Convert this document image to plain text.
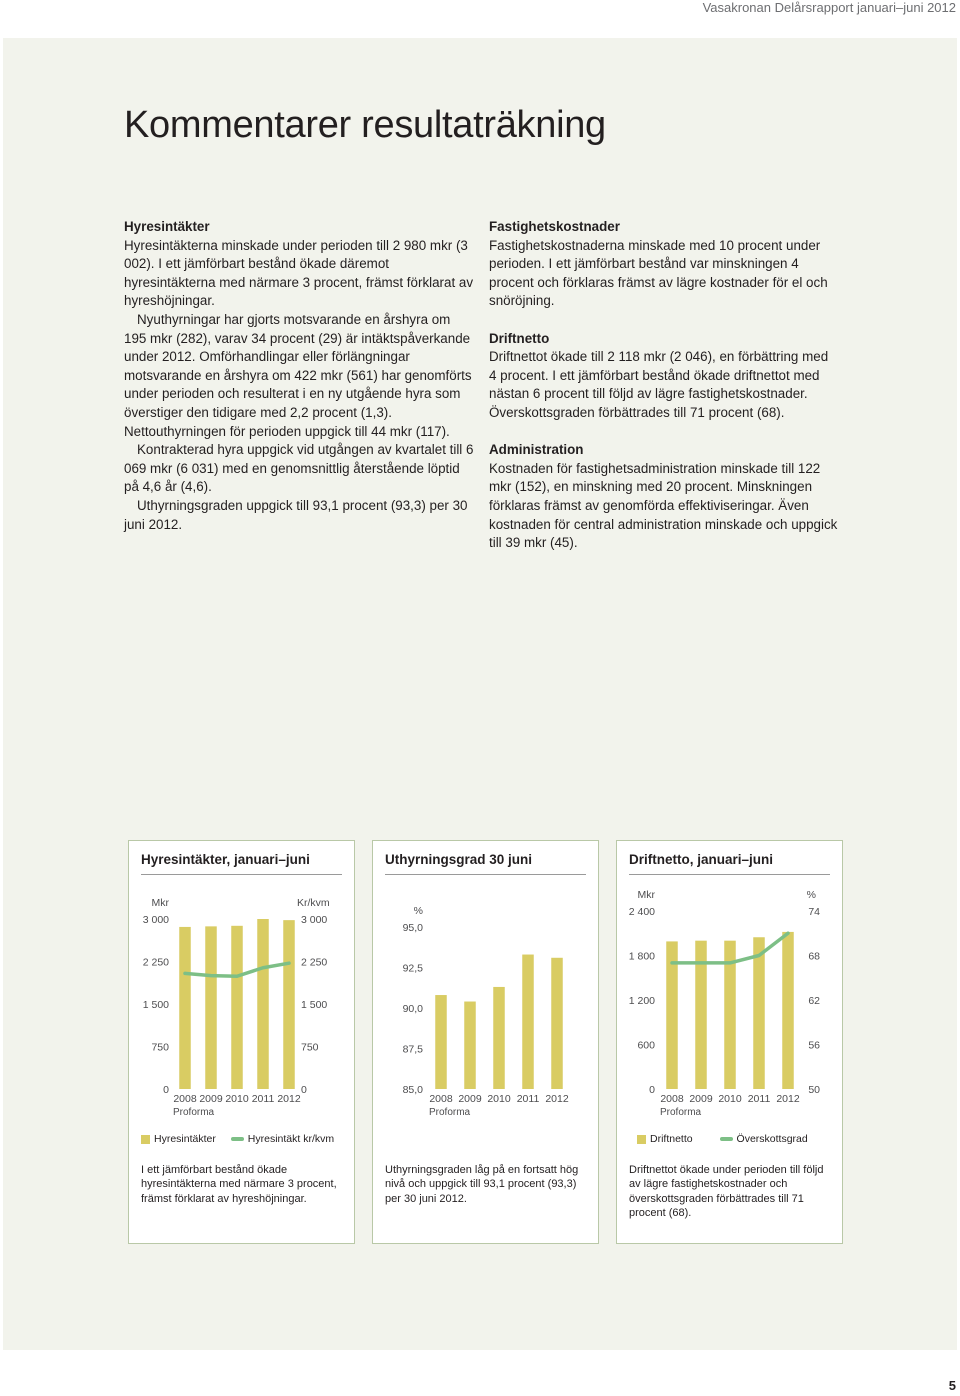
Vasakronan Delårsrapport januari–juni 2012
Kommentarer resultaträkning
Hyresintäkter

Hyresintäkterna minskade under perioden till 2 980 mkr (3 002). I ett jämförbart bestånd ökade däremot hyresintäkterna med närmare 3 procent, främst förklarat av hyreshöjningar.

Nyuthyrningar har gjorts motsvarande en årshyra om 195 mkr (282), varav 34 procent (29) är intäktspåverkande under 2012. Omförhandlingar eller förlängningar motsvarande en årshyra om 422 mkr (561) har genomförts under perioden och resulterat i en ny utgående hyra som överstiger den tidigare med 2,2 procent (1,3). Nettouthyrningen för perioden uppgick till 44 mkr (117).

Kontrakterad hyra uppgick vid utgången av kvartalet till 6 069 mkr (6 031) med en genomsnittlig återstående löptid på 4,6 år (4,6).

Uthyrningsgraden uppgick till 93,1 procent (93,3) per 30 juni 2012.

Fastighetskostnader

Fastighetskostnaderna minskade med 10 procent under perioden. I ett jämförbart bestånd var minskningen 4 procent och förklaras främst av lägre kostnader för el och snöröjning.

Driftnetto

Driftnettot ökade till 2 118 mkr (2 046), en förbättring med 4 procent. I ett jämförbart bestånd ökade driftnettot med nästan 6 procent till följd av lägre fastighetskostnader. Överskottsgraden förbättrades till 71 procent (68).

Administration

Kostnaden för fastighetsadministration minskade till 122 mkr (152), en minskning med 20 procent. Minskningen förklaras främst av genomförda effektiviseringar. Även kostnaden för central administration minskade och uppgick till 39 mkr (45).

Hyresintäkter, januari–juni
0
750
1 500
2 250
3 000
Mkr
0
750
1 500
2 250
3 000
Kr/kvm
2008 2009 2010 2011 2012
Proforma
Hyresintäkter	Hyresintäkt kr/kvm
I ett jämförbart bestånd ökade hyresintäkterna med närmare 3 procent, främst förklarat av hyreshöjningar.
Uthyrningsgrad 30 juni
85,0
87,5
90,0
92,5
95,0
%
2008 2009 2010 2011 2012
Proforma
Uthyrningsgraden låg på en fortsatt hög nivå och uppgick till 93,1 procent (93,3) per 30 juni 2012.
Driftnetto, januari–juni
0
600
1 200
1 800
2 400
Mkr
50
56
62
68
74
%
2008 2009 2010 2011 2012
Proforma
Driftnetto	Överskottsgrad
Driftnettot ökade under perioden till följd av lägre fastighetskostnader och överskottsgraden förbättrades till 71 procent (68).
5
